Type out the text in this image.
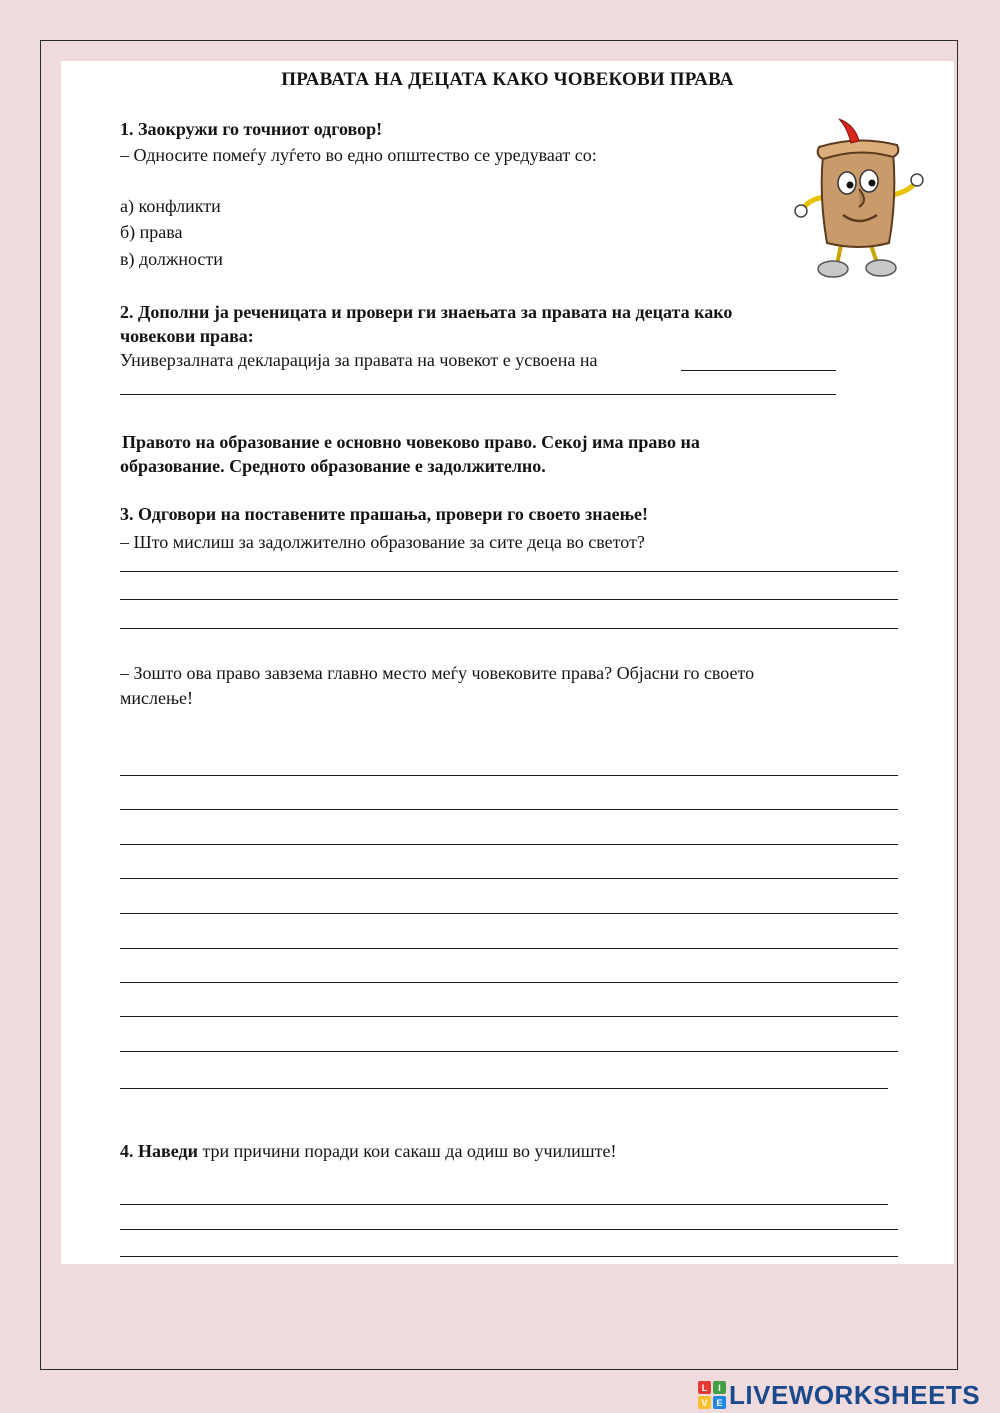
ПРАВАТА НА ДЕЦАТА КАКО ЧОВЕКОВИ ПРАВА
1. Заокружи го точниот одговор!
– Односите помеѓу луѓето во едно општество се уредуваат со:
а) конфликти
б) права
в) должности
2. Дополни ја реченицата и провери ги знаењата за правата на децата како
човекови права:
Универзалната декларација за правата на човекот е усвоена на
Правото на образование е основно човеково право. Секој има право на
образование. Средното образование е задолжително.
3. Одговори на поставените прашања, провери го своето знаење!
– Што мислиш за задолжително образование за сите деца во светот?
– Зошто ова право завзема главно место меѓу човековите права? Објасни го своето
мислење!
4. Наведи три причини поради кои сакаш да одиш во училиште!
L I
V E LIVEWORKSHEETS
